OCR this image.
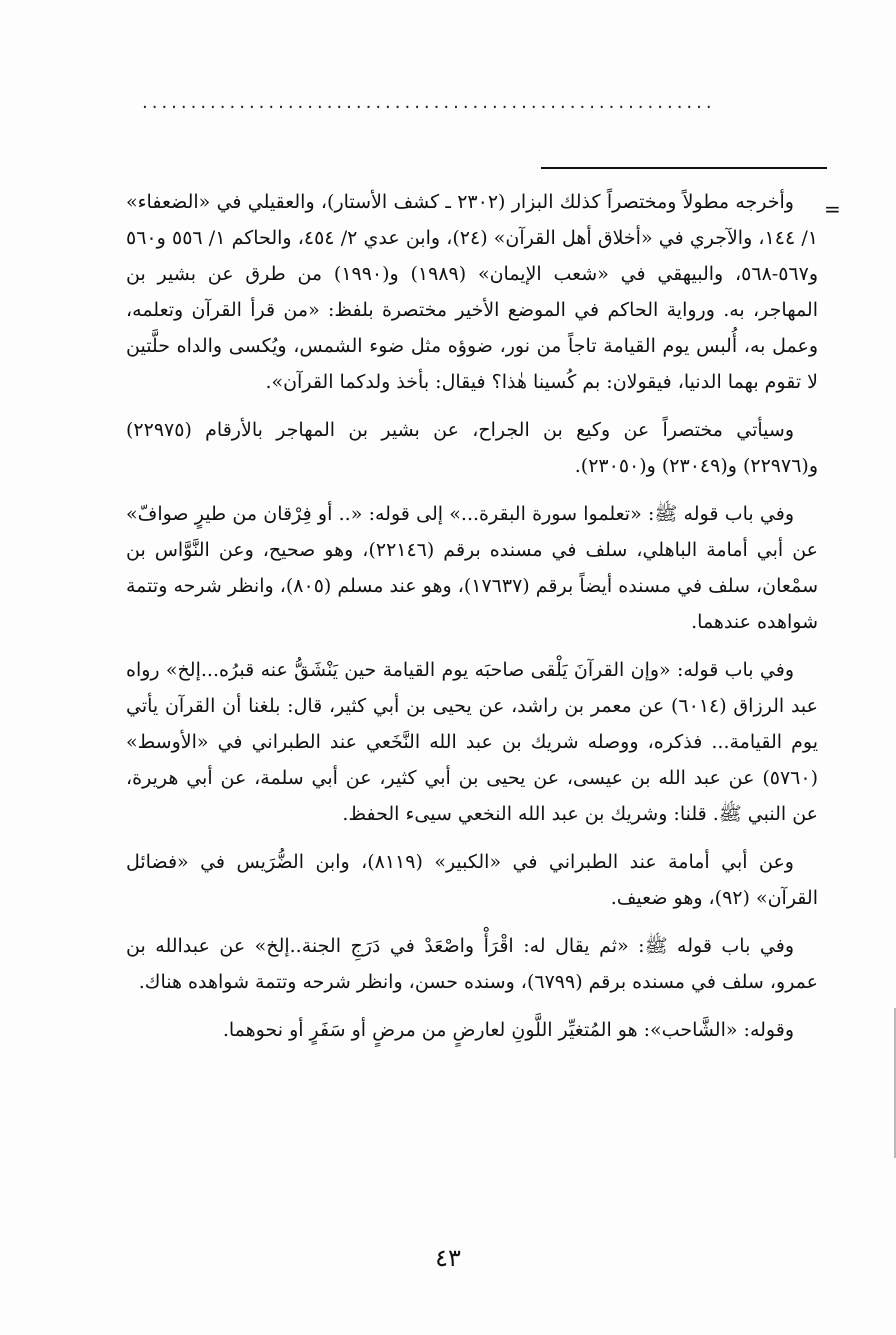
...........................................................
=

وأخرجه مطولاً ومختصراً كذلك البزار (٢٣٠٢ ـ كشف الأستار)، والعقيلي في «الضعفاء» ١/ ١٤٤، والآجري في «أخلاق أهل القرآن» (٢٤)، وابن عدي ٢/ ٤٥٤، والحاكم ١/ ٥٥٦ و٥٦٠ و٥٦٧-٥٦٨، والبيهقي في «شعب الإيمان» (١٩٨٩) و(١٩٩٠) من طرق عن بشير بن المهاجر، به. ورواية الحاكم في الموضع الأخير مختصرة بلفظ: «من قرأ القرآن وتعلمه، وعمل به، أُلبس يوم القيامة تاجاً من نور، ضوؤه مثل ضوء الشمس، ويُكسى والداه حلَّتين لا تقوم بهما الدنيا، فيقولان: بم كُسينا هٰذا؟ فيقال: بأخذ ولدكما القرآن».

وسيأتي مختصراً عن وكيع بن الجراح، عن بشير بن المهاجر بالأرقام (٢٢٩٧٥) و(٢٢٩٧٦) و(٢٣٠٤٩) و(٢٣٠٥٠).

وفي باب قوله ﷺ: «تعلموا سورة البقرة...» إلى قوله: «.. أو فِرْقان من طيرٍ صوافّ» عن أبي أمامة الباهلي، سلف في مسنده برقم (٢٢١٤٦)، وهو صحيح، وعن النَّوَّاس بن سمْعان، سلف في مسنده أيضاً برقم (١٧٦٣٧)، وهو عند مسلم (٨٠٥)، وانظر شرحه وتتمة شواهده عندهما.

وفي باب قوله: «وإن القرآنَ يَلْقى صاحبَه يوم القيامة حين يَنْشَقُّ عنه قبرُه...إلخ» رواه عبد الرزاق (٦٠١٤) عن معمر بن راشد، عن يحيى بن أبي كثير، قال: بلغنا أن القرآن يأتي يوم القيامة... فذكره، ووصله شريك بن عبد الله النَّخَعي عند الطبراني في «الأوسط» (٥٧٦٠) عن عبد الله بن عيسى، عن يحيى بن أبي كثير، عن أبي سلمة، عن أبي هريرة، عن النبي ﷺ. قلنا: وشريك بن عبد الله النخعي سيىء الحفظ.

وعن أبي أمامة عند الطبراني في «الكبير» (٨١١٩)، وابن الضُّرَيس في «فضائل القرآن» (٩٢)، وهو ضعيف.

وفي باب قوله ﷺ: «ثم يقال له: اقْرَأْ واصْعَدْ في دَرَجِ الجنة..إلخ» عن عبدالله بن عمرو، سلف في مسنده برقم (٦٧٩٩)، وسنده حسن، وانظر شرحه وتتمة شواهده هناك.

وقوله: «الشَّاحب»: هو المُتغيِّر اللَّونِ لعارضٍ من مرضٍ أو سَفَرٍ أو نحوهما.

٤٣
